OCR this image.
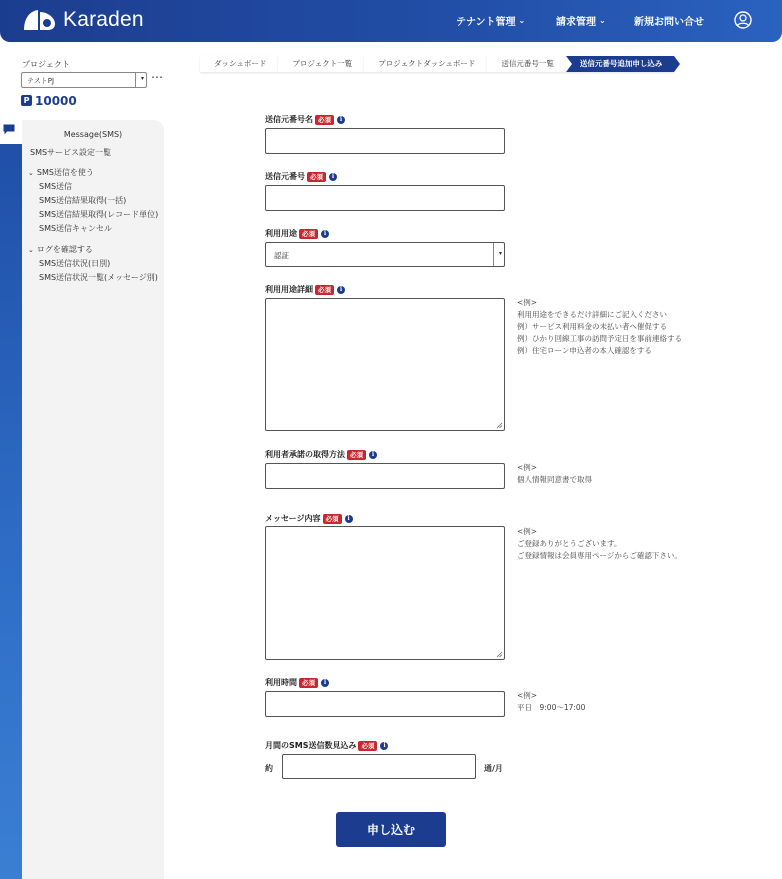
Karaden	テナント管理 ⌄	請求管理 ⌄	新規お問い合せ
プロジェクト
テストPJ	▾ ⋯
P 10000
Message(SMS)
SMSサービス設定一覧
⌄ SMS送信を使う
SMS送信
SMS送信結果取得(一括)
SMS送信結果取得(レコード単位)
SMS送信キャンセル
⌄ ログを確認する
SMS送信状況(日別)
SMS送信状況一覧(メッセージ別)
ダッシュボード	プロジェクト一覧	プロジェクトダッシュボード	送信元番号一覧	送信元番号追加申し込み
送信元番号名 必須	i
送信元番号 必須	i
利用用途 必須	i
認証	▾
利用用途詳細 必須	i
<例>
利用用途をできるだけ詳細にご記入ください
例）サービス利用料金の未払い者へ催促する
例）ひかり回線工事の訪問予定日を事前連絡する
例）住宅ローン申込者の本人確認をする
利用者承諾の取得方法 必須	i
<例>
個人情報同意書で取得
メッセージ内容 必須	i
<例>
ご登録ありがとうございます。
ご登録情報は会員専用ページからご確認下さい。
利用時間 必須	i
<例>
平日　9:00〜17:00
月間のSMS送信数見込み 必須	i
約	通/月
申し込む
